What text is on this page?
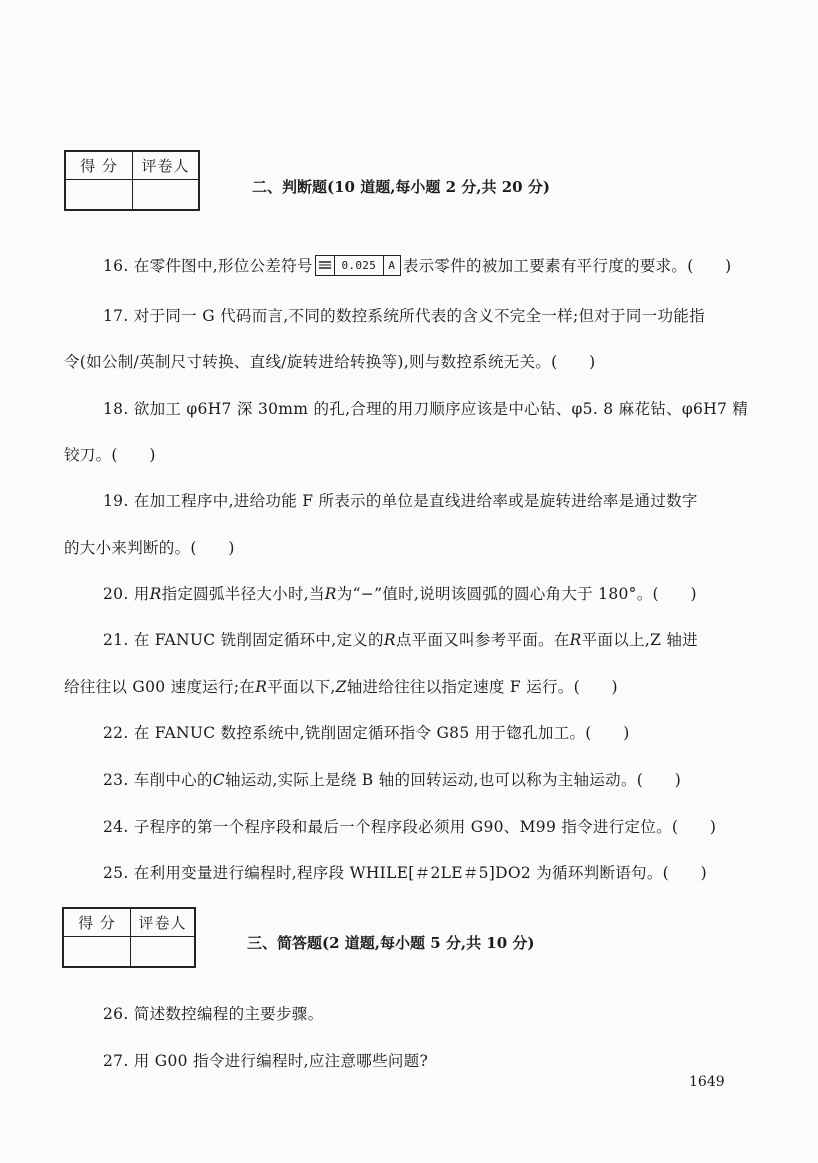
得 分	评卷人

二、判断题(10 道题,每小题 2 分,共 20 分)
16. 在零件图中,形位公差符号	0.025	A 表示零件的被加工要素有平行度的要求。(　　)
17. 对于同一 G 代码而言,不同的数控系统所代表的含义不完全一样;但对于同一功能指
令(如公制/英制尺寸转换、直线/旋转进给转换等),则与数控系统无关。(　　)
18. 欲加工 φ6H7 深 30mm 的孔,合理的用刀顺序应该是中心钻、φ5. 8 麻花钻、φ6H7 精
铰刀。(　　)
19. 在加工程序中,进给功能 F 所表示的单位是直线进给率或是旋转进给率是通过数字
的大小来判断的。(　　)
20. 用R指定圆弧半径大小时,当R为“−”值时,说明该圆弧的圆心角大于 180°。(　　)
21. 在 FANUC 铣削固定循环中,定义的R点平面又叫参考平面。在R平面以上,Z 轴进
给往往以 G00 速度运行;在R平面以下,Z轴进给往往以指定速度 F 运行。(　　)
22. 在 FANUC 数控系统中,铣削固定循环指令 G85 用于锪孔加工。(　　)
23. 车削中心的C轴运动,实际上是绕 B 轴的回转运动,也可以称为主轴运动。(　　)
24. 子程序的第一个程序段和最后一个程序段必须用 G90、M99 指令进行定位。(　　)
25. 在利用变量进行编程时,程序段 WHILE[＃2LE＃5]DO2 为循环判断语句。(　　)
得 分	评卷人

三、简答题(2 道题,每小题 5 分,共 10 分)
26. 简述数控编程的主要步骤。
27. 用 G00 指令进行编程时,应注意哪些问题?
1649
